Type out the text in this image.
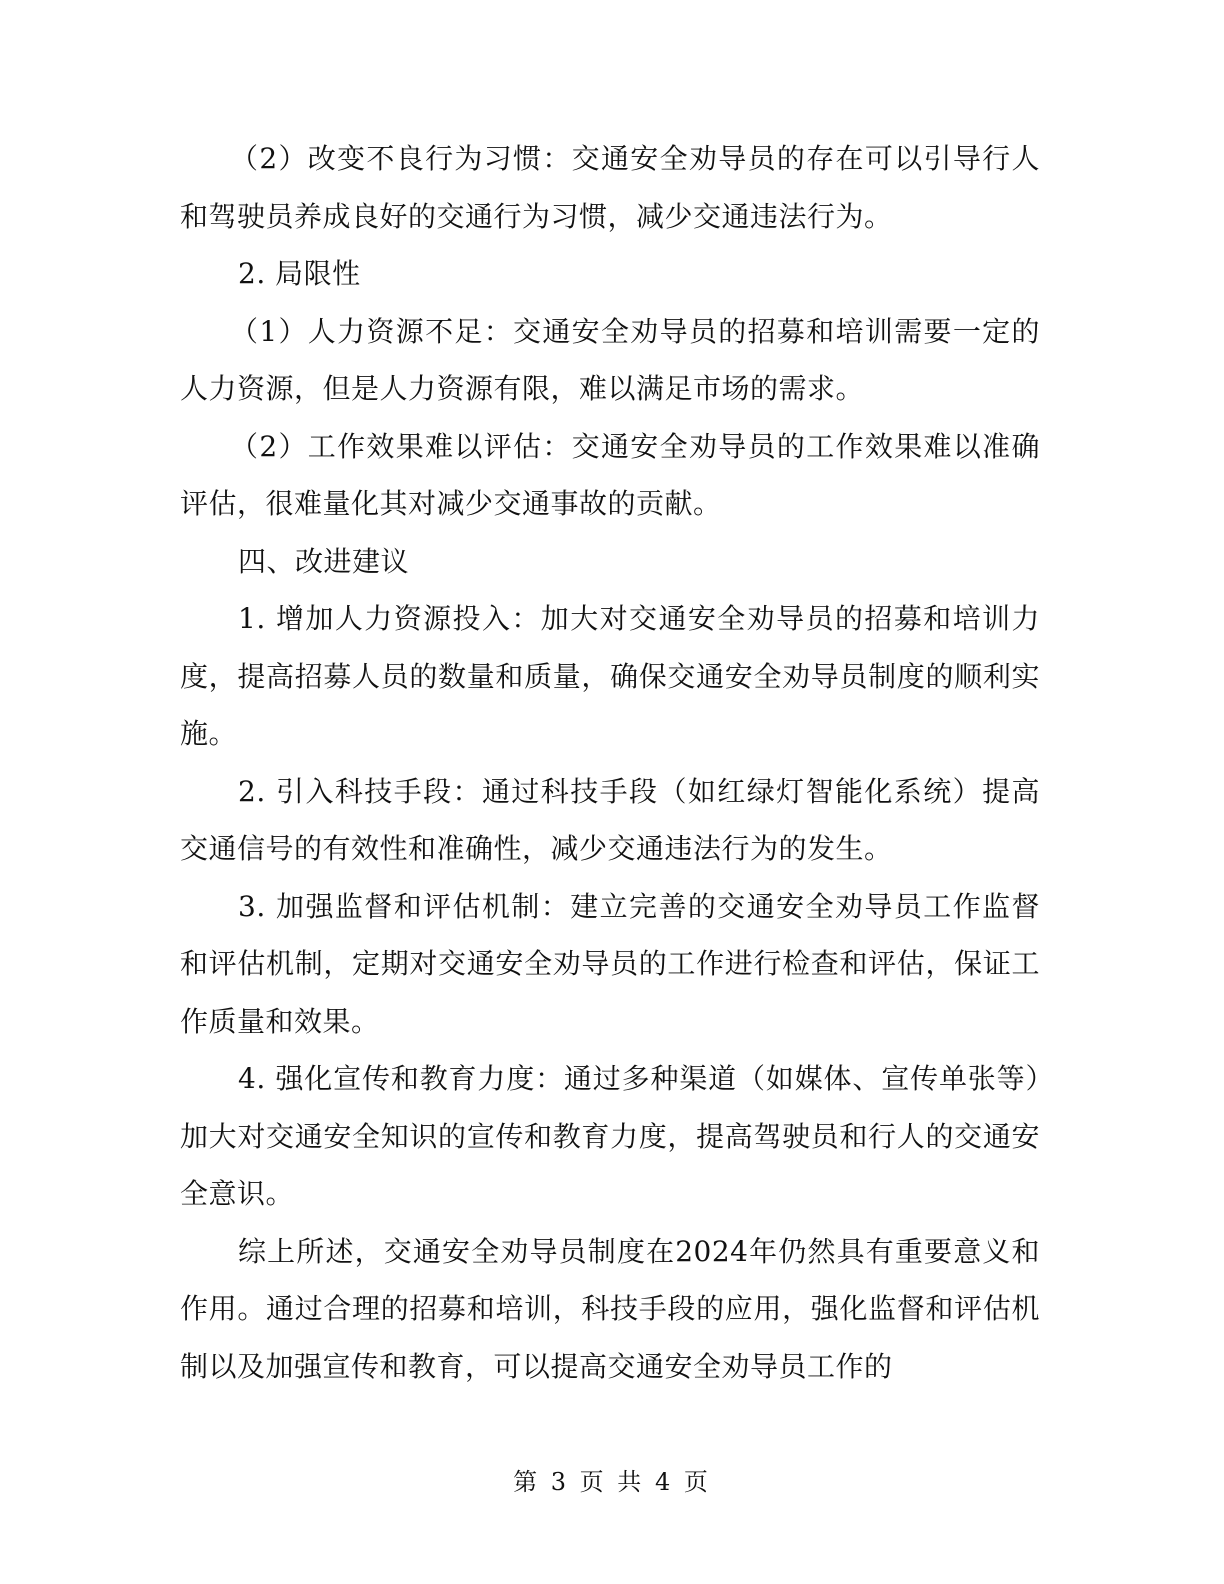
（2）改变不良行为习惯：交通安全劝导员的存在可以引导行人和驾驶员养成良好的交通行为习惯，减少交通违法行为。

2. 局限性

（1）人力资源不足：交通安全劝导员的招募和培训需要一定的人力资源，但是人力资源有限，难以满足市场的需求。

（2）工作效果难以评估：交通安全劝导员的工作效果难以准确评估，很难量化其对减少交通事故的贡献。

四、改进建议

1. 增加人力资源投入：加大对交通安全劝导员的招募和培训力度，提高招募人员的数量和质量，确保交通安全劝导员制度的顺利实施。

2. 引入科技手段：通过科技手段（如红绿灯智能化系统）提高交通信号的有效性和准确性，减少交通违法行为的发生。

3. 加强监督和评估机制：建立完善的交通安全劝导员工作监督和评估机制，定期对交通安全劝导员的工作进行检查和评估，保证工作质量和效果。

4. 强化宣传和教育力度：通过多种渠道（如媒体、宣传单张等）加大对交通安全知识的宣传和教育力度，提高驾驶员和行人的交通安全意识。

综上所述，交通安全劝导员制度在2024年仍然具有重要意义和作用。通过合理的招募和培训，科技手段的应用，强化监督和评估机制以及加强宣传和教育，可以提高交通安全劝导员工作的

第 3 页 共 4 页
